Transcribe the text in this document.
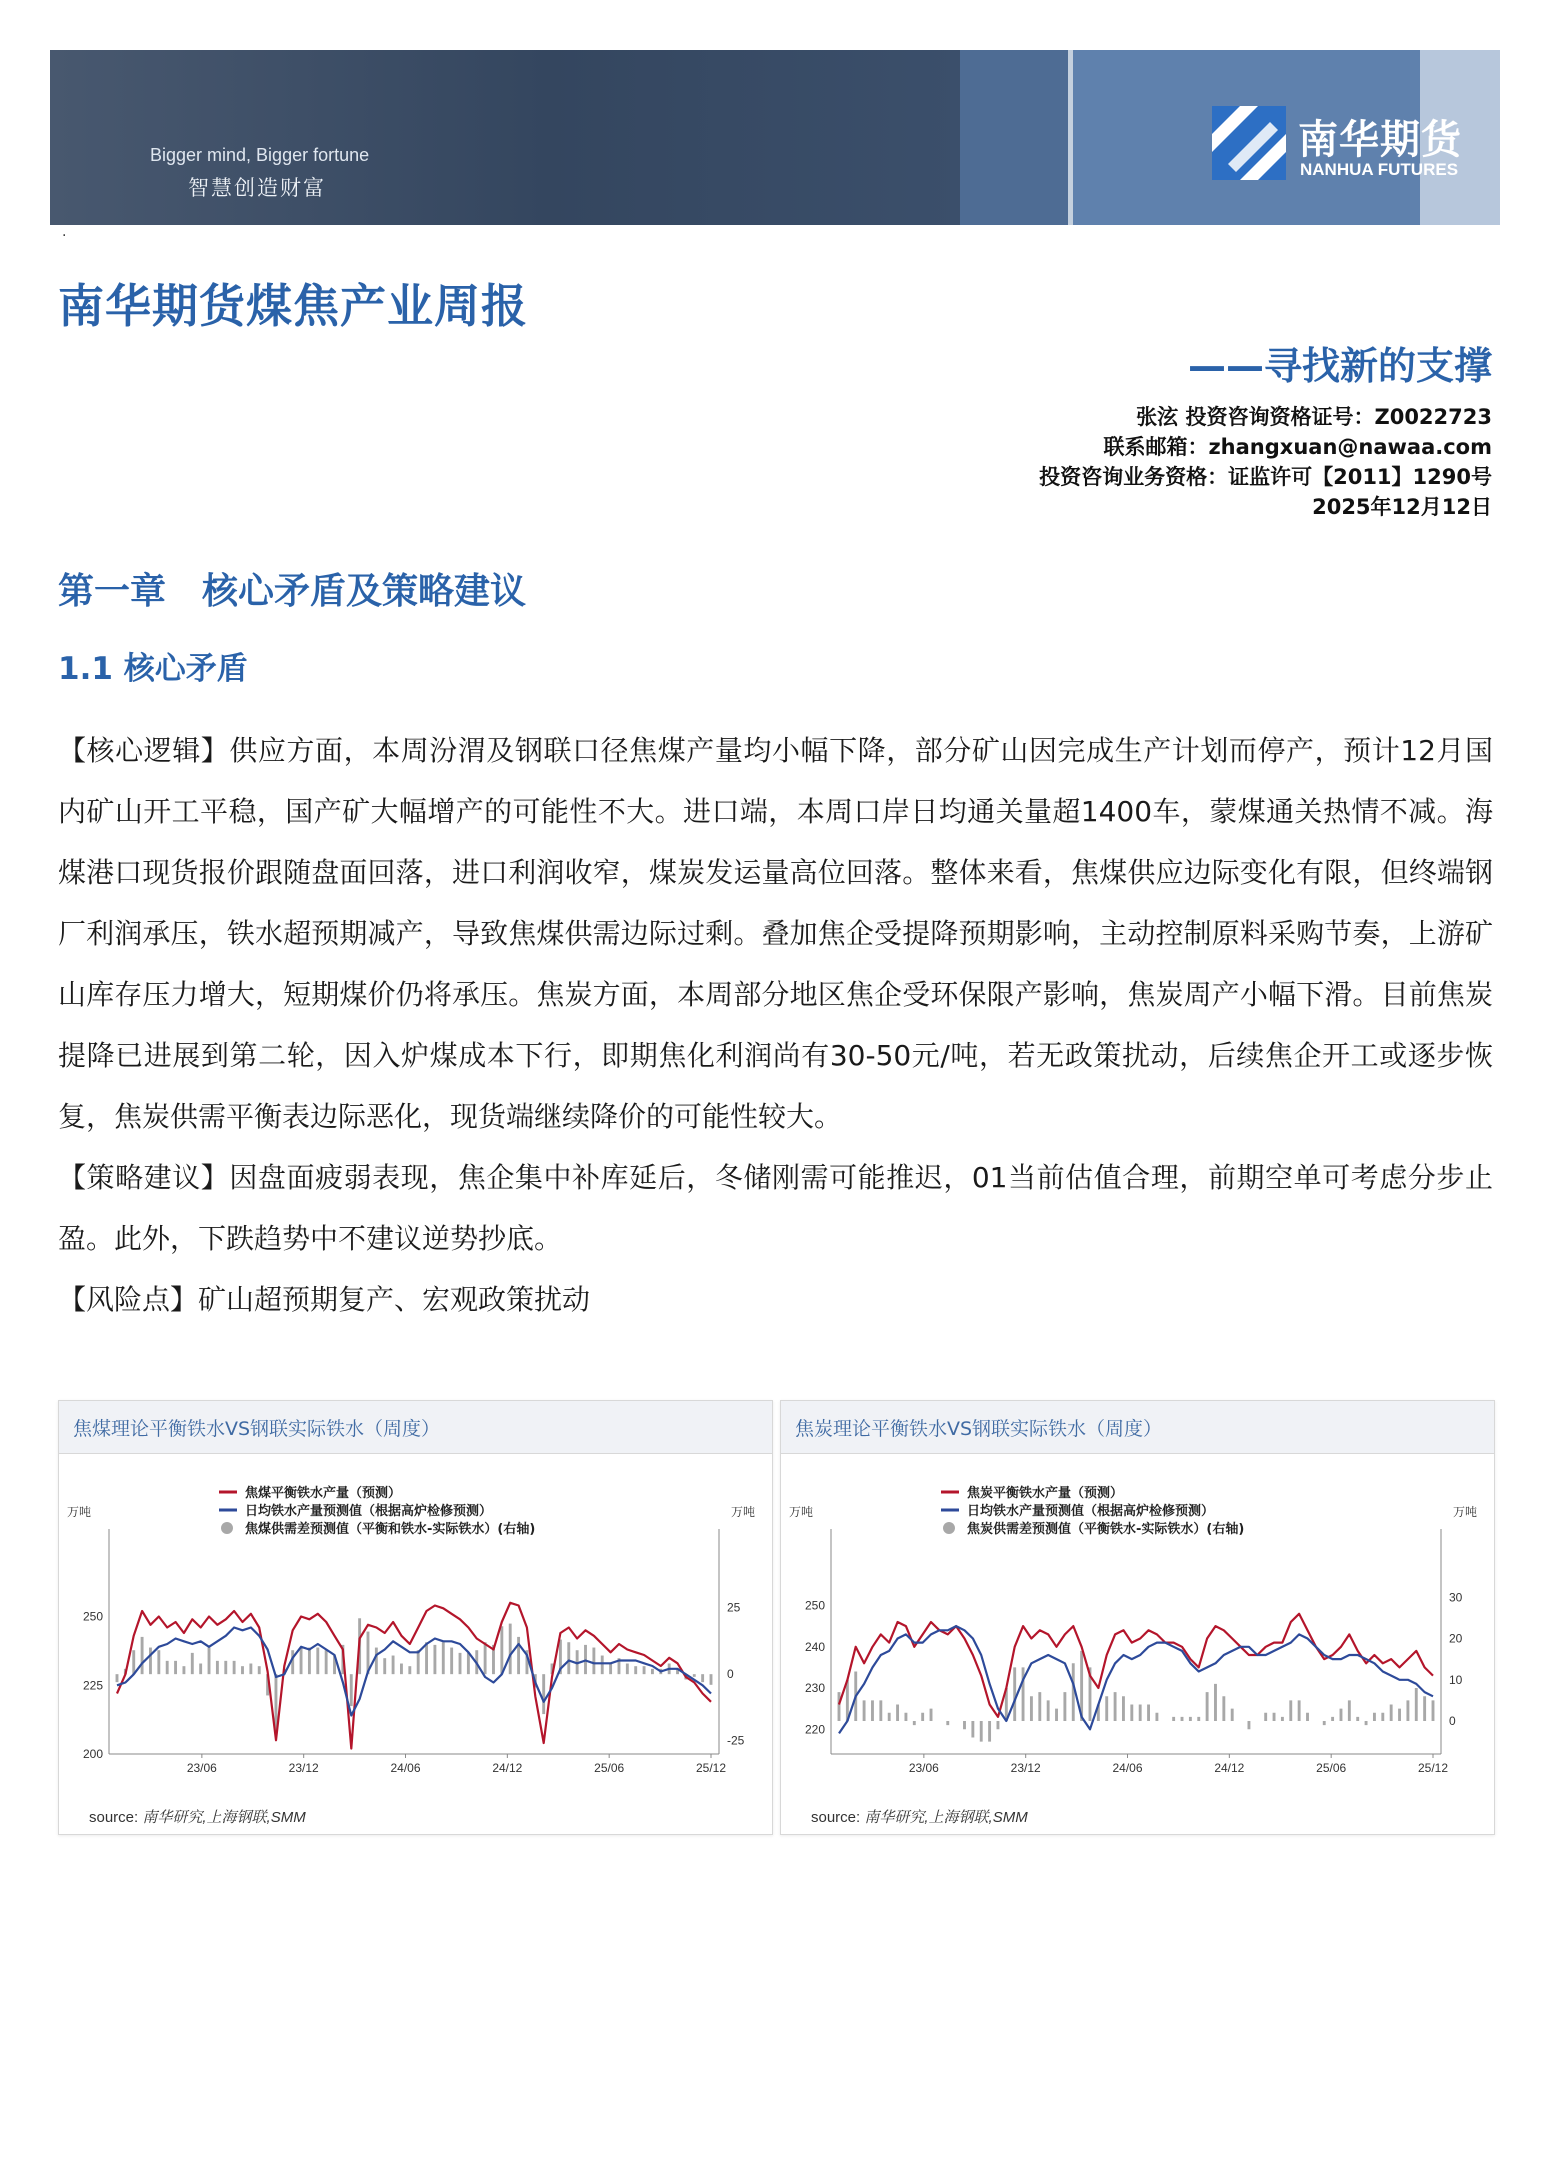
Bigger mind, Bigger fortune
智慧创造财富
南华期货
NANHUA FUTURES
·
南华期货煤焦产业周报
——寻找新的支撑
张泫 投资咨询资格证号：Z0022723
联系邮箱：zhangxuan@nawaa.com
投资咨询业务资格：证监许可【2011】1290号
2025年12月12日
第一章　核心矛盾及策略建议
1.1 核心矛盾

【核心逻辑】供应方面，本周汾渭及钢联口径焦煤产量均小幅下降，部分矿山因完成生产计划而停产，预计12月国内矿山开工平稳，国产矿大幅增产的可能性不大。进口端，本周口岸日均通关量超1400车，蒙煤通关热情不减。海煤港口现货报价跟随盘面回落，进口利润收窄，煤炭发运量高位回落。整体来看，焦煤供应边际变化有限，但终端钢厂利润承压，铁水超预期减产，导致焦煤供需边际过剩。叠加焦企受提降预期影响，主动控制原料采购节奏，上游矿山库存压力增大，短期煤价仍将承压。焦炭方面，本周部分地区焦企受环保限产影响，焦炭周产小幅下滑。目前焦炭提降已进展到第二轮，因入炉煤成本下行，即期焦化利润尚有30-50元/吨，若无政策扰动，后续焦企开工或逐步恢复，焦炭供需平衡表边际恶化，现货端继续降价的可能性较大。

【策略建议】因盘面疲弱表现，焦企集中补库延后，冬储刚需可能推迟，01当前估值合理，前期空单可考虑分步止盈。此外，下跌趋势中不建议逆势抄底。

【风险点】矿山超预期复产、宏观政策扰动

焦煤理论平衡铁水VS钢联实际铁水（周度）
焦煤平衡铁水产量（预测）
日均铁水产量预测值（根据高炉检修预测）
焦煤供需差预测值（平衡和铁水-实际铁水）(右轴)
万吨	万吨
250
225
200
25
0
-25
23/06	23/12	24/06	24/12	25/06	25/12
source: 南华研究,上海钢联,SMM
焦炭理论平衡铁水VS钢联实际铁水（周度）
焦炭平衡铁水产量（预测）
日均铁水产量预测值（根据高炉检修预测）
焦炭供需差预测值（平衡铁水-实际铁水）(右轴)
万吨	万吨
250
240
230
220
30
20
10
0
23/06	23/12	24/06	24/12	25/06	25/12
source: 南华研究,上海钢联,SMM
